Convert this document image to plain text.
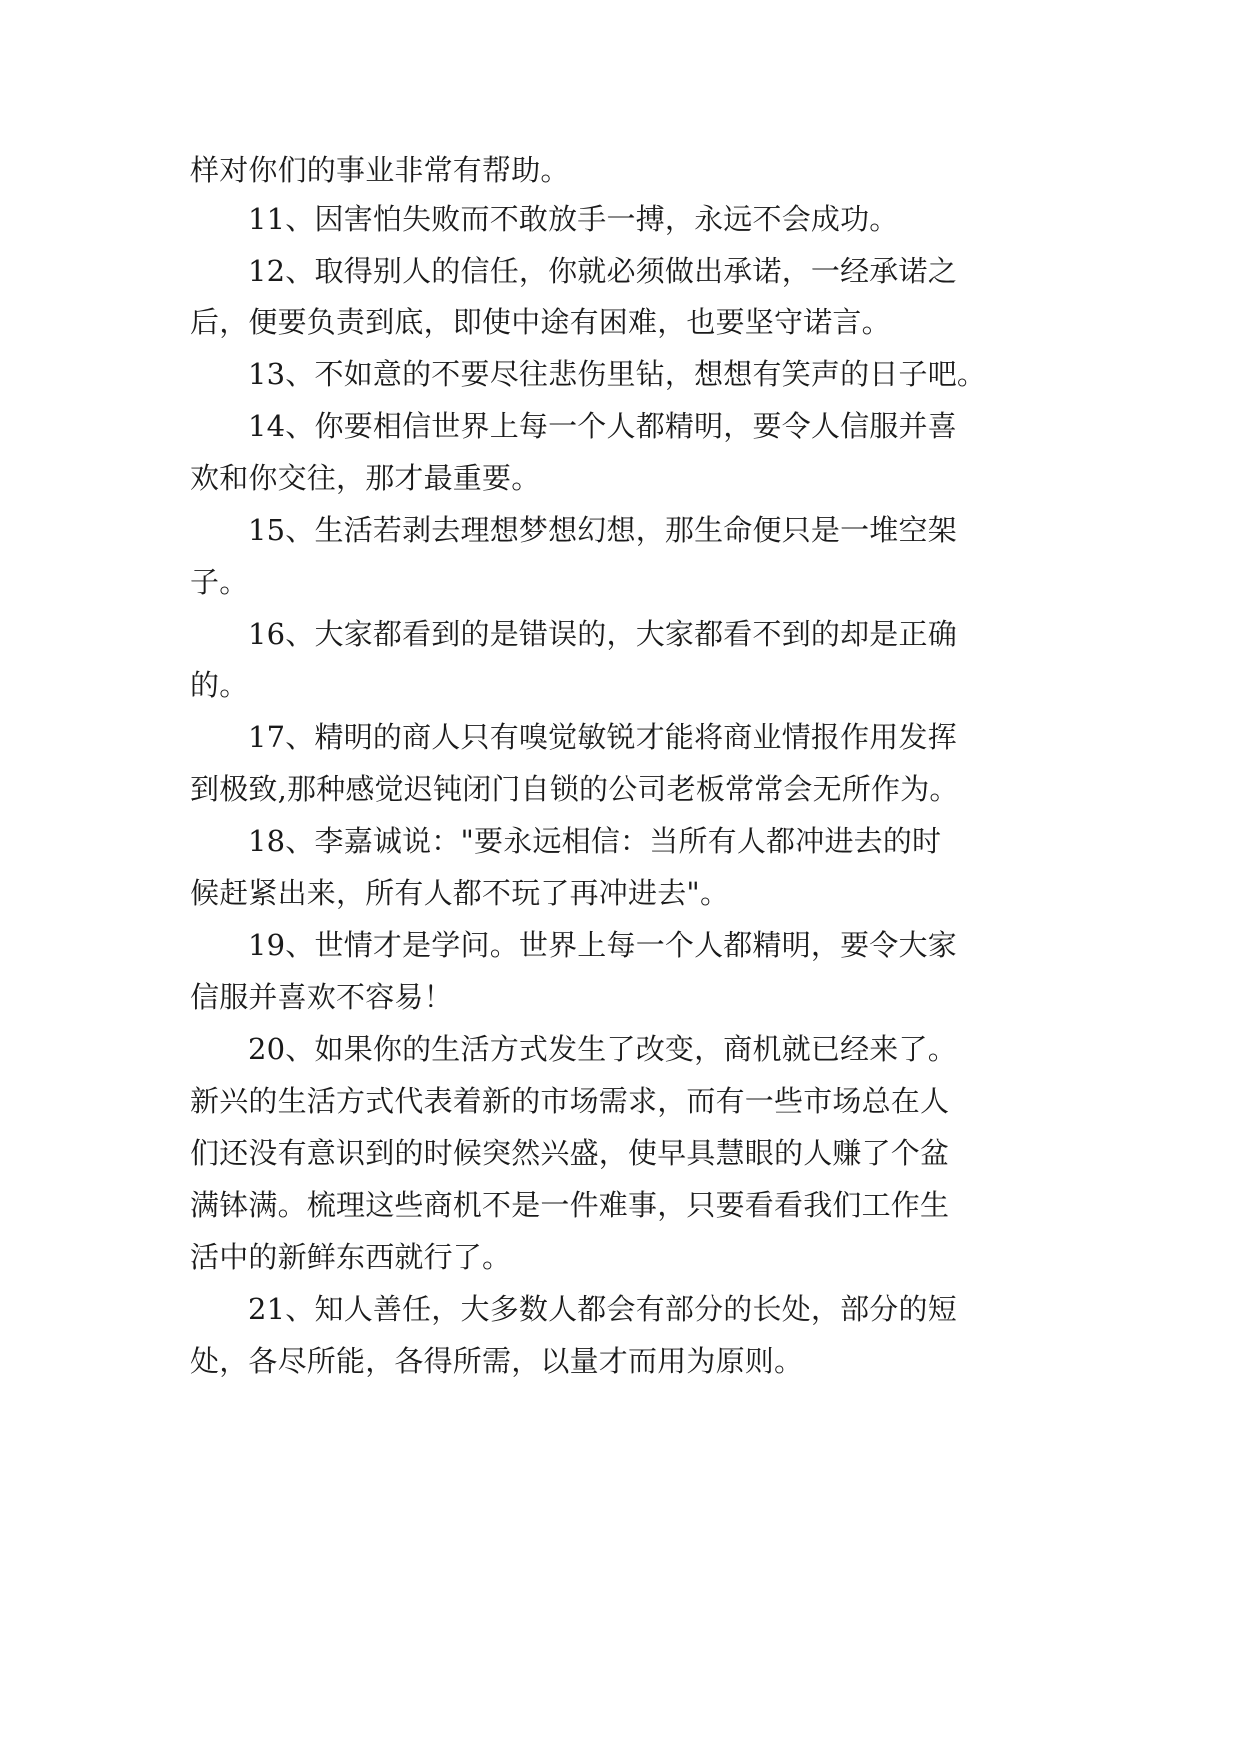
样对你们的事业非常有帮助。
11、因害怕失败而不敢放手一搏，永远不会成功。
12、取得别人的信任，你就必须做出承诺，一经承诺之
后，便要负责到底，即使中途有困难，也要坚守诺言。
13、不如意的不要尽往悲伤里钻，想想有笑声的日子吧。
14、你要相信世界上每一个人都精明，要令人信服并喜
欢和你交往，那才最重要。
15、生活若剥去理想梦想幻想，那生命便只是一堆空架
子。
16、大家都看到的是错误的，大家都看不到的却是正确
的。
17、精明的商人只有嗅觉敏锐才能将商业情报作用发挥
到极致,那种感觉迟钝闭门自锁的公司老板常常会无所作为。
18、李嘉诚说："要永远相信：当所有人都冲进去的时
候赶紧出来，所有人都不玩了再冲进去"。
19、世情才是学问。世界上每一个人都精明，要令大家
信服并喜欢不容易！
20、如果你的生活方式发生了改变，商机就已经来了。
新兴的生活方式代表着新的市场需求，而有一些市场总在人
们还没有意识到的时候突然兴盛，使早具慧眼的人赚了个盆
满钵满。梳理这些商机不是一件难事，只要看看我们工作生
活中的新鲜东西就行了。
21、知人善任，大多数人都会有部分的长处，部分的短
处，各尽所能，各得所需，以量才而用为原则。
